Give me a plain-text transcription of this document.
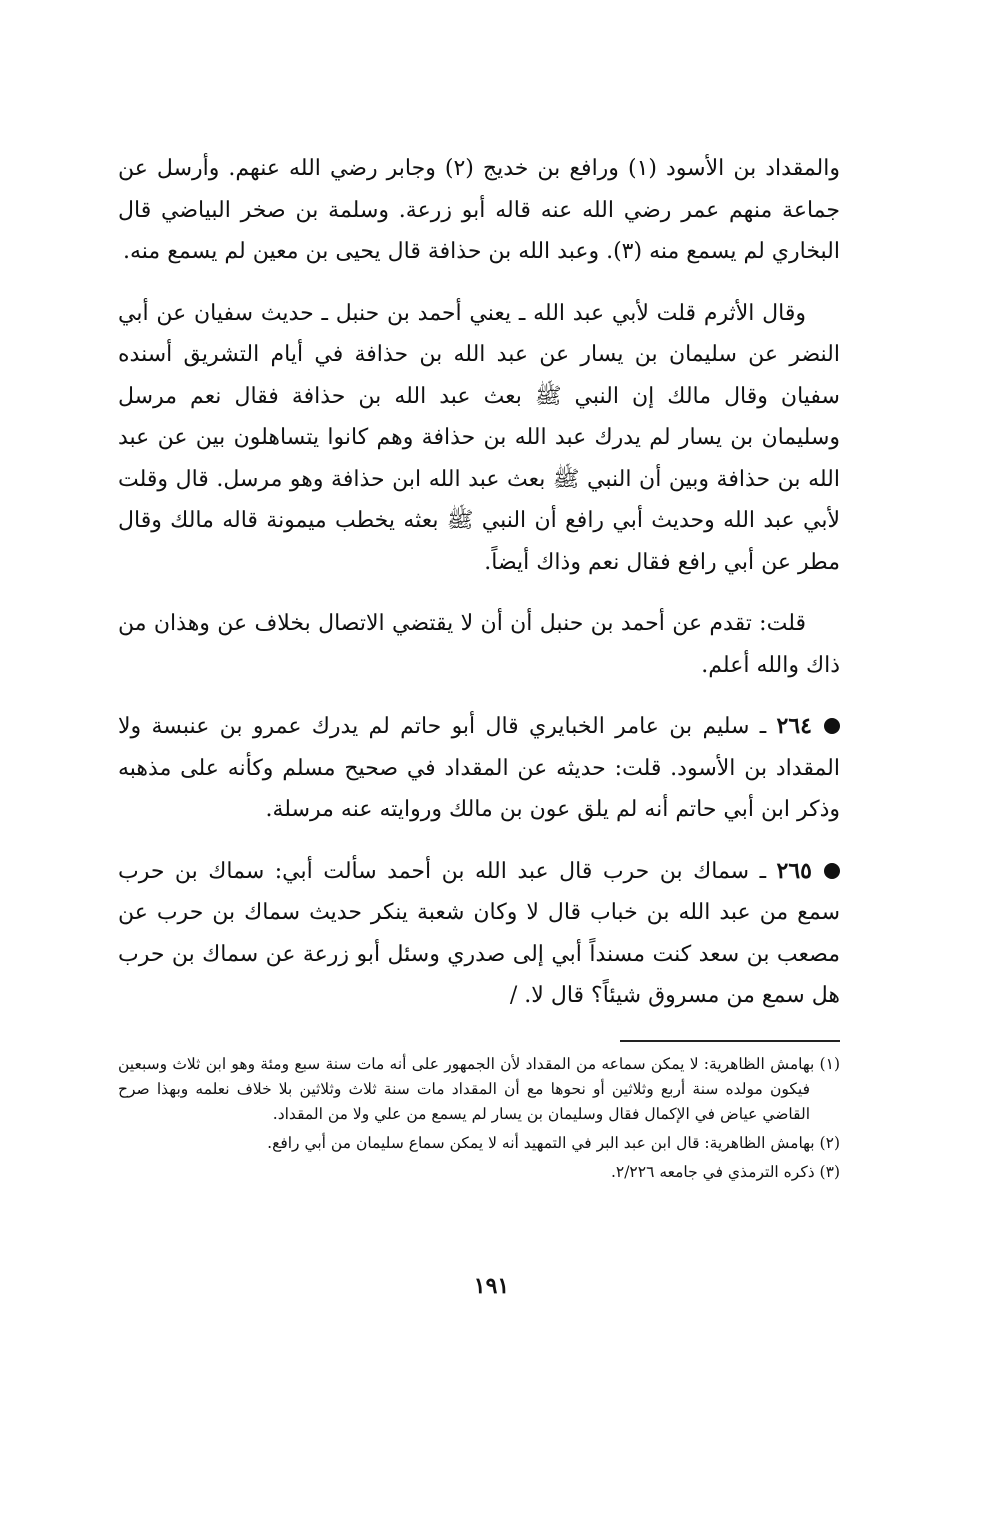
والمقداد بن الأسود (١) ورافع بن خديج (٢) وجابر رضي الله عنهم. وأرسل عن جماعة منهم عمر رضي الله عنه قاله أبو زرعة. وسلمة بن صخر البياضي قال البخاري لم يسمع منه (٣). وعبد الله بن حذافة قال يحيى بن معين لم يسمع منه.

وقال الأثرم قلت لأبي عبد الله ـ يعني أحمد بن حنبل ـ حديث سفيان عن أبي النضر عن سليمان بن يسار عن عبد الله بن حذافة في أيام التشريق أسنده سفيان وقال مالك إن النبي ﷺ بعث عبد الله بن حذافة فقال نعم مرسل وسليمان بن يسار لم يدرك عبد الله بن حذافة وهم كانوا يتساهلون بين عن عبد الله بن حذافة وبين أن النبي ﷺ بعث عبد الله ابن حذافة وهو مرسل. قال وقلت لأبي عبد الله وحديث أبي رافع أن النبي ﷺ بعثه يخطب ميمونة قاله مالك وقال مطر عن أبي رافع فقال نعم وذاك أيضاً.

قلت: تقدم عن أحمد بن حنبل أن أن لا يقتضي الاتصال بخلاف عن وهذان من ذاك والله أعلم.

٢٦٤ ـ سليم بن عامر الخبايري قال أبو حاتم لم يدرك عمرو بن عنبسة ولا المقداد بن الأسود. قلت: حديثه عن المقداد في صحيح مسلم وكأنه على مذهبه وذكر ابن أبي حاتم أنه لم يلق عون بن مالك وروايته عنه مرسلة.

٢٦٥ ـ سماك بن حرب قال عبد الله بن أحمد سألت أبي: سماك بن حرب سمع من عبد الله بن خباب قال لا وكان شعبة ينكر حديث سماك بن حرب عن مصعب بن سعد كنت مسنداً أبي إلى صدري وسئل أبو زرعة عن سماك بن حرب هل سمع من مسروق شيئاً؟ قال لا. /

(١) بهامش الظاهرية: لا يمكن سماعه من المقداد لأن الجمهور على أنه مات سنة سبع ومئة وهو ابن ثلاث وسبعين فيكون مولده سنة أربع وثلاثين أو نحوها مع أن المقداد مات سنة ثلاث وثلاثين بلا خلاف نعلمه وبهذا صرح القاضي عياض في الإكمال فقال وسليمان بن يسار لم يسمع من علي ولا من المقداد.

(٢) بهامش الظاهرية: قال ابن عبد البر في التمهيد أنه لا يمكن سماع سليمان من أبي رافع.

(٣) ذكره الترمذي في جامعه ٢/٢٢٦.

١٩١
